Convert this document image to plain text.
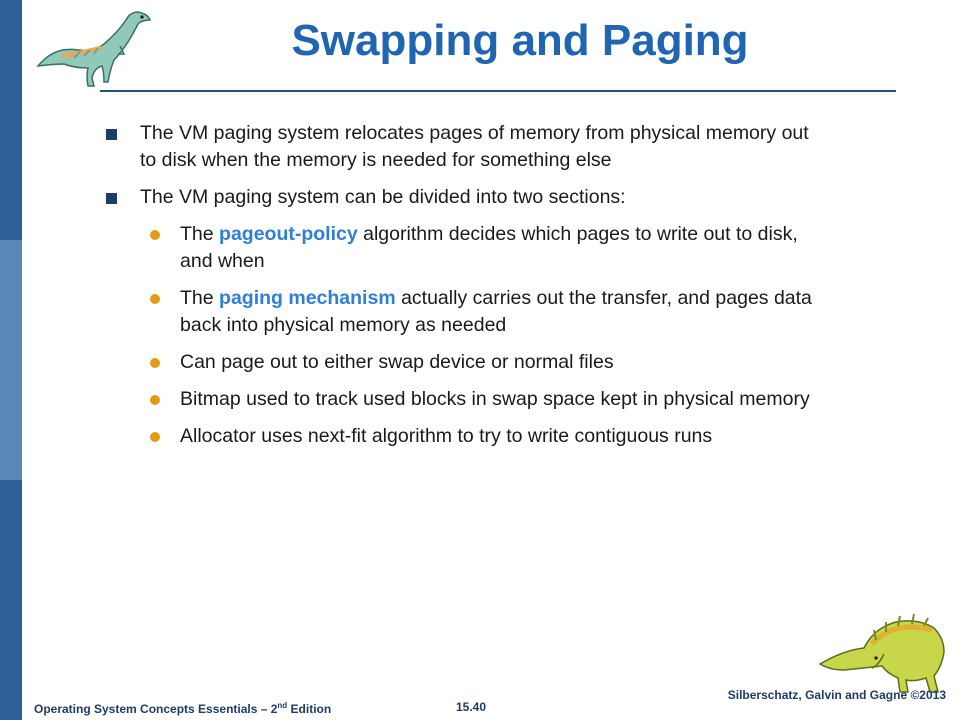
Swapping and Paging
The VM paging system relocates pages of memory from physical memory out to disk when the memory is needed for something else
The VM paging system can be divided into two sections:
The pageout-policy algorithm decides which pages to write out to disk, and when
The paging mechanism actually carries out the transfer, and pages data back into physical memory as needed
Can page out to either swap device or normal files
Bitmap used to track used blocks in swap space kept in physical memory
Allocator uses next-fit algorithm to try to write contiguous runs
Operating System Concepts Essentials – 2nd Edition	15.40
Silberschatz, Galvin and Gagne ©2013
